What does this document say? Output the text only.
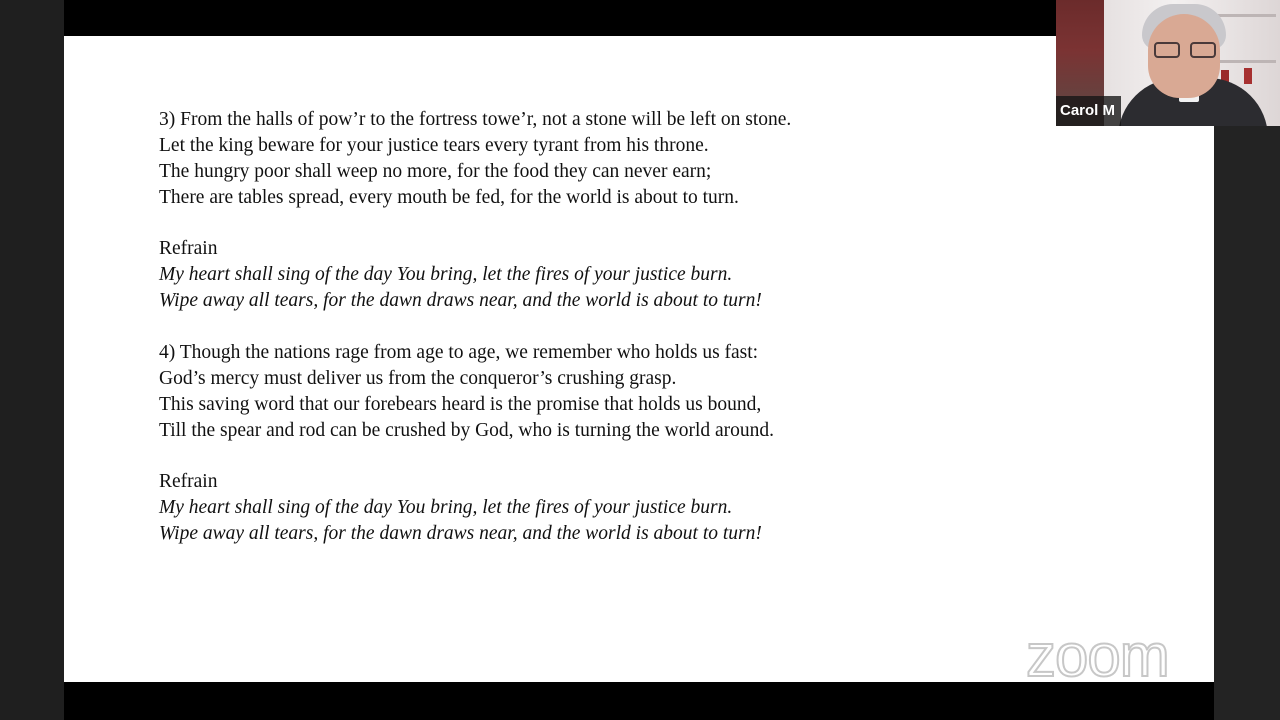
3) From the halls of pow’r to the fortress towe’r, not a stone will be left on stone.
Let the king beware for your justice tears every tyrant from his throne.
The hungry poor shall weep no more, for the food they can never earn;
There are tables spread, every mouth be fed, for the world is about to turn.
Refrain
My heart shall sing of the day You bring, let the fires of your justice burn.
Wipe away all tears, for the dawn draws near, and the world is about to turn!
4) Though the nations rage from age to age, we remember who holds us fast:
God’s mercy must deliver us from the conqueror’s crushing grasp.
This saving word that our forebears heard is the promise that holds us bound,
Till the spear and rod can be crushed by God, who is turning the world around.
Refrain
My heart shall sing of the day You bring, let the fires of your justice burn.
Wipe away all tears, for the dawn draws near, and the world is about to turn!
zoom
Carol M
